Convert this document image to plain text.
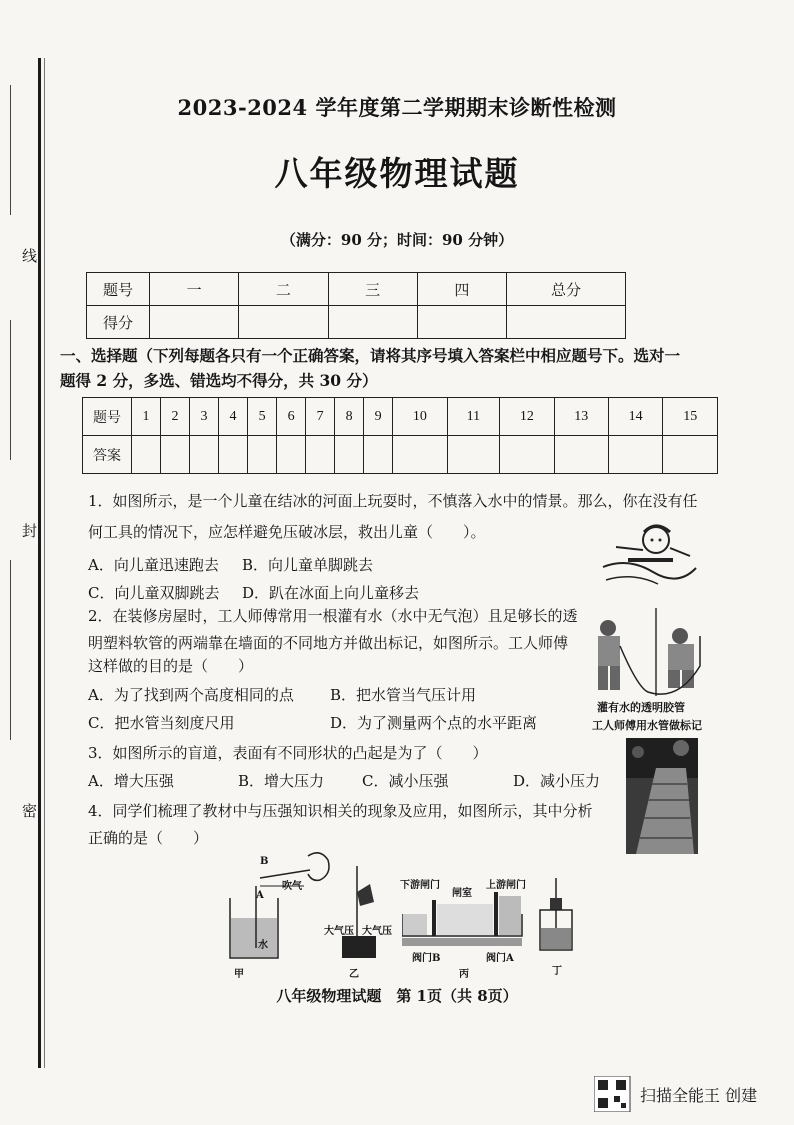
线
封
密
2023-2024 学年度第二学期期末诊断性检测
八年级物理试题
（满分：90 分；时间：90 分钟）
题号	一	二	三	四	总分
得分					
一、选择题（下列每题各只有一个正确答案，请将其序号填入答案栏中相应题号下。选对一
题得 2 分，多选、错选均不得分，共 30 分）
题号	1	2	3	4	5	6	7	8	9	10	11	12	13	14	15
答案															
1．如图所示，是一个儿童在结冰的河面上玩耍时，不慎落入水中的情景。那么，你在没有任
何工具的情况下，应怎样避免压破冰层，救出儿童（　　）。
A．向儿童迅速跑去 B．向儿童单脚跳去
C．向儿童双脚跳去 D．趴在冰面上向儿童移去
2．在装修房屋时，工人师傅常用一根灌有水（水中无气泡）且足够长的透
明塑料软管的两端靠在墙面的不同地方并做出标记，如图所示。工人师傅
这样做的目的是（　　）
A．为了找到两个高度相同的点 B．把水管当气压计用
C．把水管当刻度尺用	D．为了测量两个点的水平距离
灌有水的透明胶管
工人师傅用水管做标记
3．如图所示的盲道，表面有不同形状的凸起是为了（　　）
A．增大压强	B．增大压力	C．减小压强	D．减小压力
4．同学们梳理了教材中与压强知识相关的现象及应用，如图所示，其中分析
正确的是（　　）
B
A
吹气
水
甲
大气压 大气压
乙
下游闸门
闸室
上游闸门
阀门B	阀门A
丙	丁
八年级物理试题　第 1页（共 8页）
扫描全能王 创建
